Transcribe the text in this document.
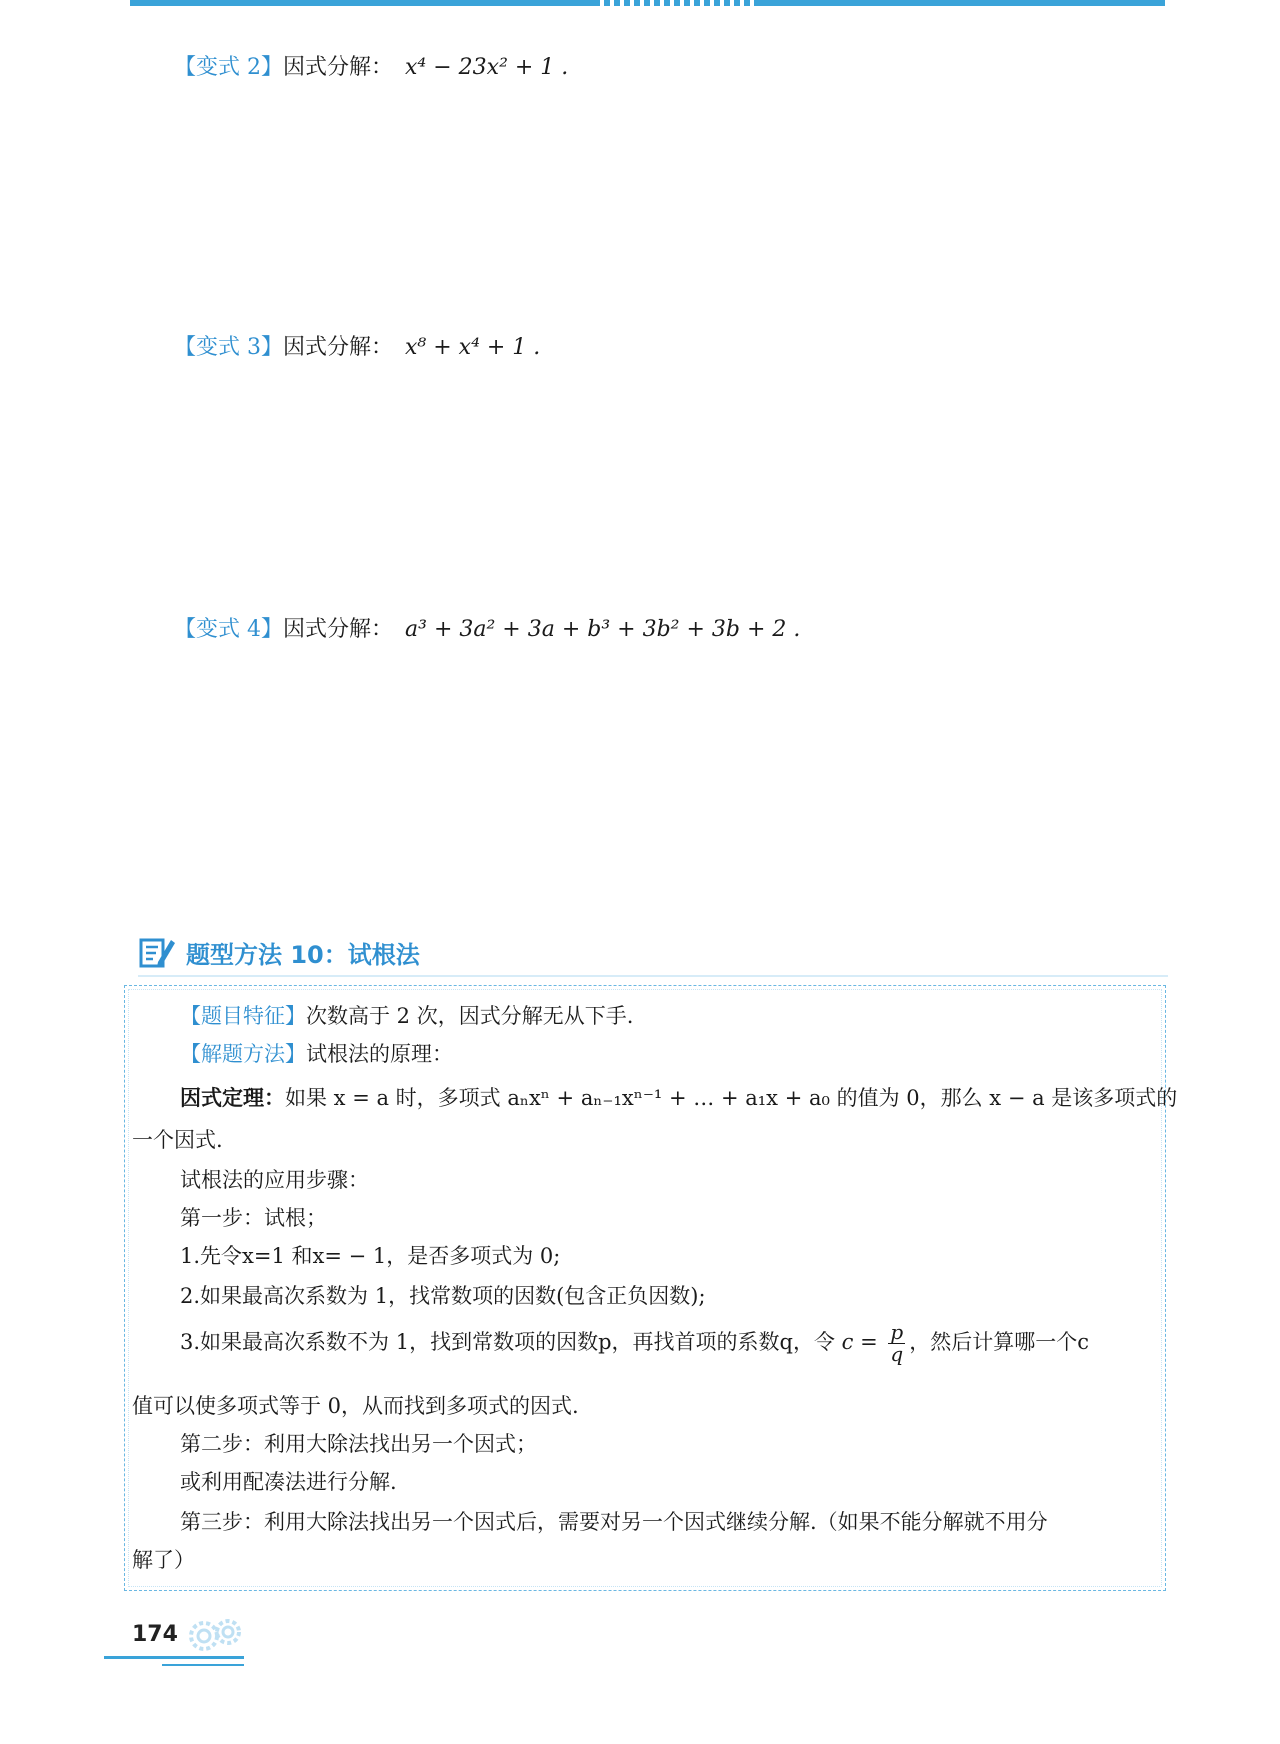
【变式 2】因式分解： x⁴ − 23x² + 1 .
【变式 3】因式分解： x⁸ + x⁴ + 1 .
【变式 4】因式分解： a³ + 3a² + 3a + b³ + 3b² + 3b + 2 .
题型方法 10：试根法
【题目特征】次数高于 2 次，因式分解无从下手.
【解题方法】试根法的原理：
因式定理：如果 x = a 时，多项式 aₙxⁿ + aₙ₋₁xⁿ⁻¹ + … + a₁x + a₀ 的值为 0，那么 x − a 是该多项式的
一个因式.
试根法的应用步骤：
第一步：试根；
1.先令x=1 和x= − 1，是否多项式为 0;
2.如果最高次系数为 1，找常数项的因数(包含正负因数);
3.如果最高次系数不为 1，找到常数项的因数p，再找首项的系数q，令 $c = \frac{p}{q}$ ，然后计算哪一个c
值可以使多项式等于 0，从而找到多项式的因式.
第二步：利用大除法找出另一个因式；
或利用配凑法进行分解.
第三步：利用大除法找出另一个因式后，需要对另一个因式继续分解.（如果不能分解就不用分
解了）
174
